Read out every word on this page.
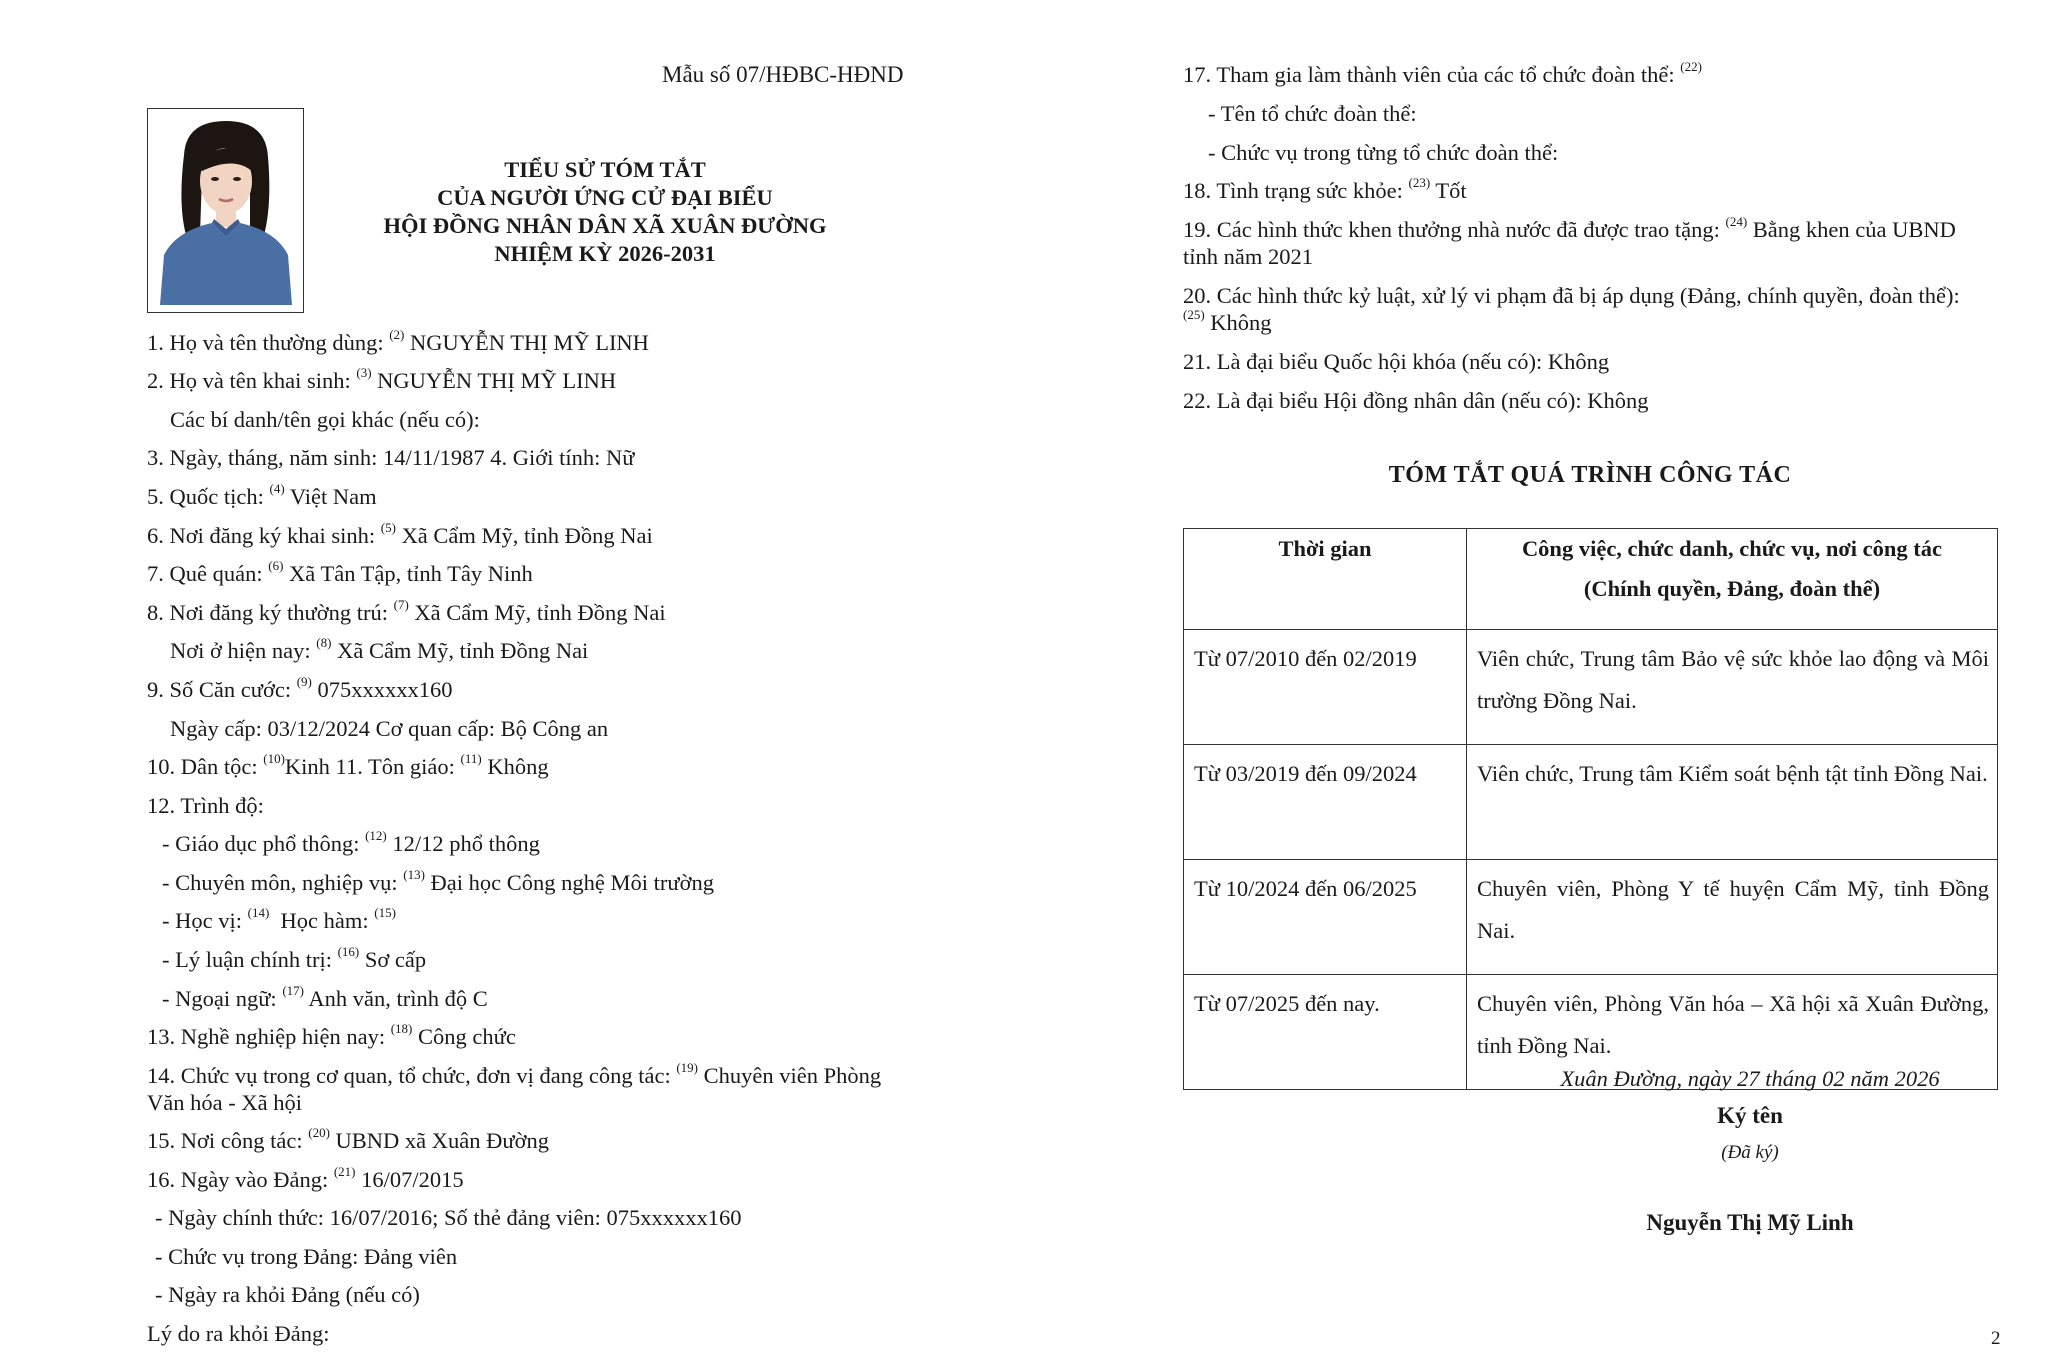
Mẫu số 07/HĐBC-HĐND
TIỂU SỬ TÓM TẮT
CỦA NGƯỜI ỨNG CỬ ĐẠI BIỂU
HỘI ĐỒNG NHÂN DÂN XÃ XUÂN ĐƯỜNG
NHIỆM KỲ 2026-2031
1. Họ và tên thường dùng: $^{(2)}$ NGUYỄN THỊ MỸ LINH
2. Họ và tên khai sinh: $^{(3)}$ NGUYỄN THỊ MỸ LINH
Các bí danh/tên gọi khác (nếu có):
3. Ngày, tháng, năm sinh: 14/11/1987 4. Giới tính: Nữ
5. Quốc tịch: $^{(4)}$ Việt Nam
6. Nơi đăng ký khai sinh: $^{(5)}$ Xã Cẩm Mỹ, tỉnh Đồng Nai
7. Quê quán: $^{(6)}$ Xã Tân Tập, tỉnh Tây Ninh
8. Nơi đăng ký thường trú: $^{(7)}$ Xã Cẩm Mỹ, tỉnh Đồng Nai
Nơi ở hiện nay: $^{(8)}$ Xã Cẩm Mỹ, tỉnh Đồng Nai
9. Số Căn cước: $^{(9)}$ 075xxxxxx160
Ngày cấp: 03/12/2024 Cơ quan cấp: Bộ Công an
10. Dân tộc: $^{(10)}$Kinh 11. Tôn giáo: $^{(11)}$ Không
12. Trình độ:
- Giáo dục phổ thông: $^{(12)}$ 12/12 phổ thông
- Chuyên môn, nghiệp vụ: $^{(13)}$ Đại học Công nghệ Môi trường
- Học vị: $^{(14)}$ Học hàm: $^{(15)}$
- Lý luận chính trị: $^{(16)}$ Sơ cấp
- Ngoại ngữ: $^{(17)}$ Anh văn, trình độ C
13. Nghề nghiệp hiện nay: $^{(18)}$ Công chức
14. Chức vụ trong cơ quan, tổ chức, đơn vị đang công tác: $^{(19)}$ Chuyên viên Phòng
Văn hóa - Xã hội
15. Nơi công tác: $^{(20)}$ UBND xã Xuân Đường
16. Ngày vào Đảng: $^{(21)}$ 16/07/2015
- Ngày chính thức: 16/07/2016; Số thẻ đảng viên: 075xxxxxx160
- Chức vụ trong Đảng: Đảng viên
- Ngày ra khỏi Đảng (nếu có)
Lý do ra khỏi Đảng:
17. Tham gia làm thành viên của các tổ chức đoàn thể: $^{(22)}$
- Tên tổ chức đoàn thể:
- Chức vụ trong từng tổ chức đoàn thể:
18. Tình trạng sức khỏe: $^{(23)}$ Tốt
19. Các hình thức khen thưởng nhà nước đã được trao tặng: $^{(24)}$ Bằng khen của UBND
tỉnh năm 2021
20. Các hình thức kỷ luật, xử lý vi phạm đã bị áp dụng (Đảng, chính quyền, đoàn thể):
$^{(25)}$ Không
21. Là đại biểu Quốc hội khóa (nếu có): Không
22. Là đại biểu Hội đồng nhân dân (nếu có): Không
TÓM TẮT QUÁ TRÌNH CÔNG TÁC
Thời gian	Công việc, chức danh, chức vụ, nơi công tác
(Chính quyền, Đảng, đoàn thể)

Từ 07/2010 đến 02/2019	Viên chức, Trung tâm Bảo vệ sức khỏe lao động và Môi trường Đồng Nai.
Từ 03/2019 đến 09/2024	Viên chức, Trung tâm Kiểm soát bệnh tật tỉnh Đồng Nai.
Từ 10/2024 đến 06/2025	Chuyên viên, Phòng Y tế huyện Cẩm Mỹ, tỉnh Đồng Nai.
Từ 07/2025 đến nay.	Chuyên viên, Phòng Văn hóa – Xã hội xã Xuân Đường, tỉnh Đồng Nai.
Xuân Đường, ngày 27 tháng 02 năm 2026
Ký tên
(Đã ký)
Nguyễn Thị Mỹ Linh
2
